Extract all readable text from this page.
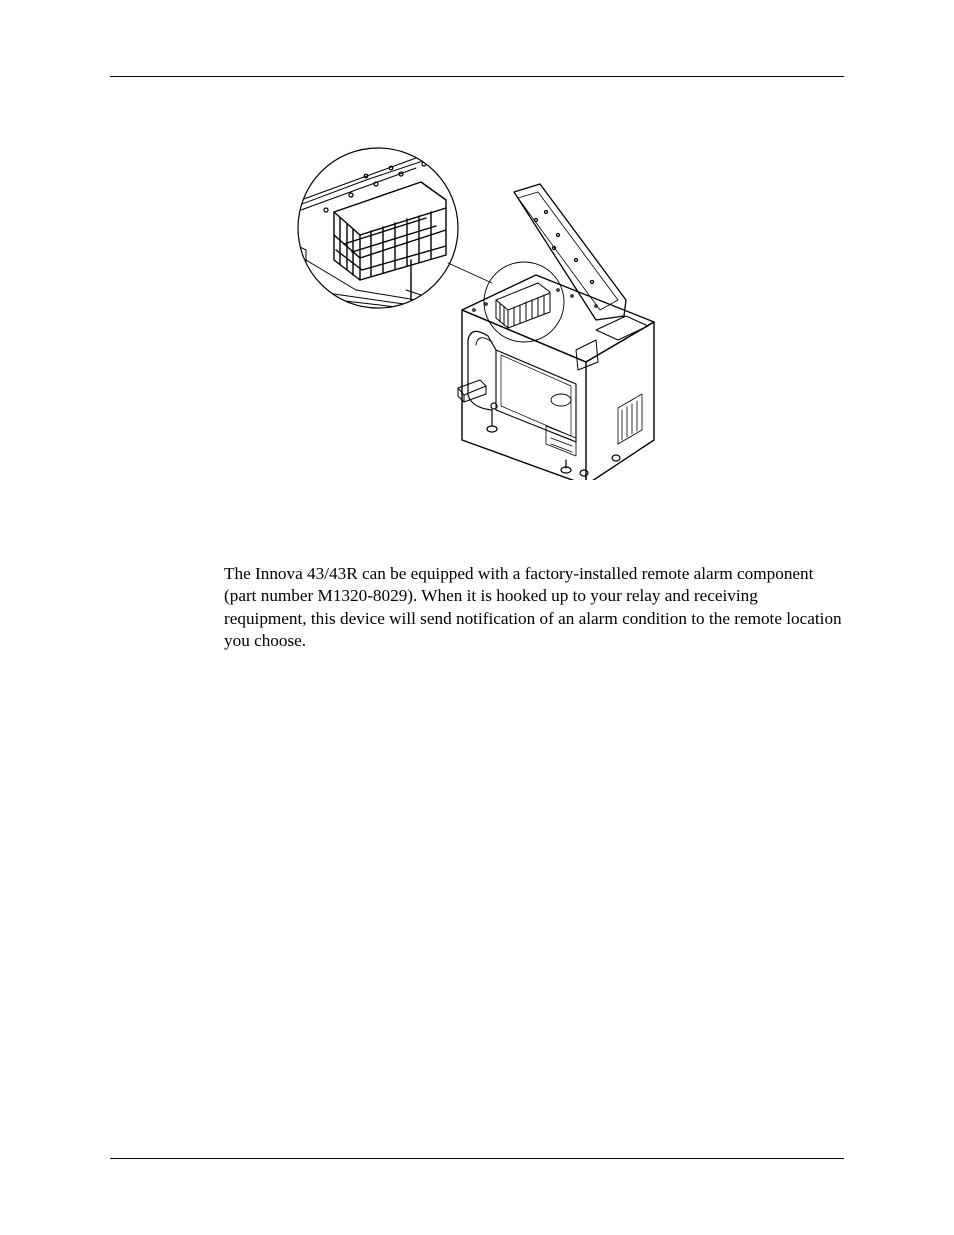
The Innova 43/43R can be equipped with a factory-installed remote alarm component (part number M1320-8029). When it is hooked up to your relay and receiving requipment, this device will send notification of an alarm condition to the remote location you choose.
